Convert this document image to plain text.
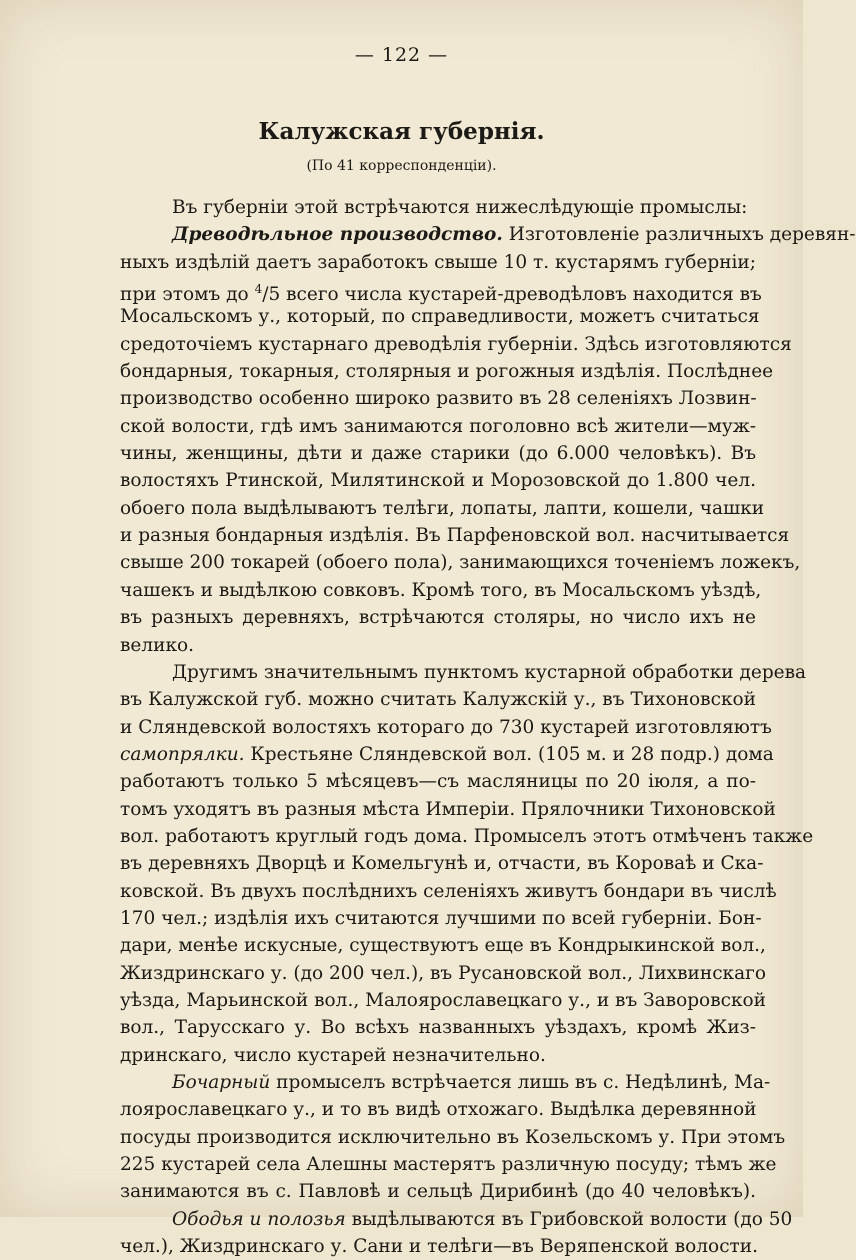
— 122 —
Калужская губернія.
(По 41 корреспонденціи).
Въ губерніи этой встрѣчаются нижеслѣдующіе промыслы:
Древодѣльное производство. Изготовленіе различныхъ деревян-
ныхъ издѣлій даетъ заработокъ свыше 10 т. кустарямъ губерніи;
при этомъ до $^4$/5 всего числа кустарей-древодѣловъ находится въ
Мосальскомъ у., который, по справедливости, можетъ считаться
средоточіемъ кустарнаго древодѣлія губерніи. Здѣсь изготовляются
бондарныя, токарныя, столярныя и рогожныя издѣлія. Послѣднее
производство особенно широко развито въ 28 селеніяхъ Лозвин-
ской волости, гдѣ имъ занимаются поголовно всѣ жители—муж-
чины, женщины, дѣти и даже старики (до 6.000 человѣкъ). Въ
волостяхъ Ртинской, Милятинской и Морозовской до 1.800 чел.
обоего пола выдѣлываютъ телѣги, лопаты, лапти, кошели, чашки
и разныя бондарныя издѣлія. Въ Парфеновской вол. насчитывается
свыше 200 токарей (обоего пола), занимающихся точеніемъ ложекъ,
чашекъ и выдѣлкою совковъ. Кромѣ того, въ Мосальскомъ уѣздѣ,
въ разныхъ деревняхъ, встрѣчаются столяры, но число ихъ не
велико.
Другимъ значительнымъ пунктомъ кустарной обработки дерева
въ Калужской губ. можно считать Калужскій у., въ Тихоновской
и Сляндевской волостяхъ котораго до 730 кустарей изготовляютъ
самопрялки. Крестьяне Сляндевской вол. (105 м. и 28 подр.) дома
работаютъ только 5 мѣсяцевъ—съ масляницы по 20 іюля, а по-
томъ уходятъ въ разныя мѣста Имперіи. Прялочники Тихоновской
вол. работаютъ круглый годъ дома. Промыселъ этотъ отмѣченъ также
въ деревняхъ Дворцѣ и Комельгунѣ и, отчасти, въ Короваѣ и Ска-
ковской. Въ двухъ послѣднихъ селеніяхъ живутъ бондари въ числѣ
170 чел.; издѣлія ихъ считаются лучшими по всей губерніи. Бон-
дари, менѣе искусные, существуютъ еще въ Кондрыкинской вол.,
Жиздринскаго у. (до 200 чел.), въ Русановской вол., Лихвинскаго
уѣзда, Марьинской вол., Малоярославецкаго у., и въ Заворовской
вол., Тарусскаго у. Во всѣхъ названныхъ уѣздахъ, кромѣ Жиз-
дринскаго, число кустарей незначительно.
Бочарный промыселъ встрѣчается лишь въ с. Недѣлинѣ, Ма-
лоярославецкаго у., и то въ видѣ отхожаго. Выдѣлка деревянной
посуды производится исключительно въ Козельскомъ у. При этомъ
225 кустарей села Алешны мастерятъ различную посуду; тѣмъ же
занимаются въ с. Павловѣ и сельцѣ Дирибинѣ (до 40 человѣкъ).
Ободья и полозья выдѣлываются въ Грибовской волости (до 50
чел.), Жиздринскаго у. Сани и телѣги—въ Веряпенской волости.
